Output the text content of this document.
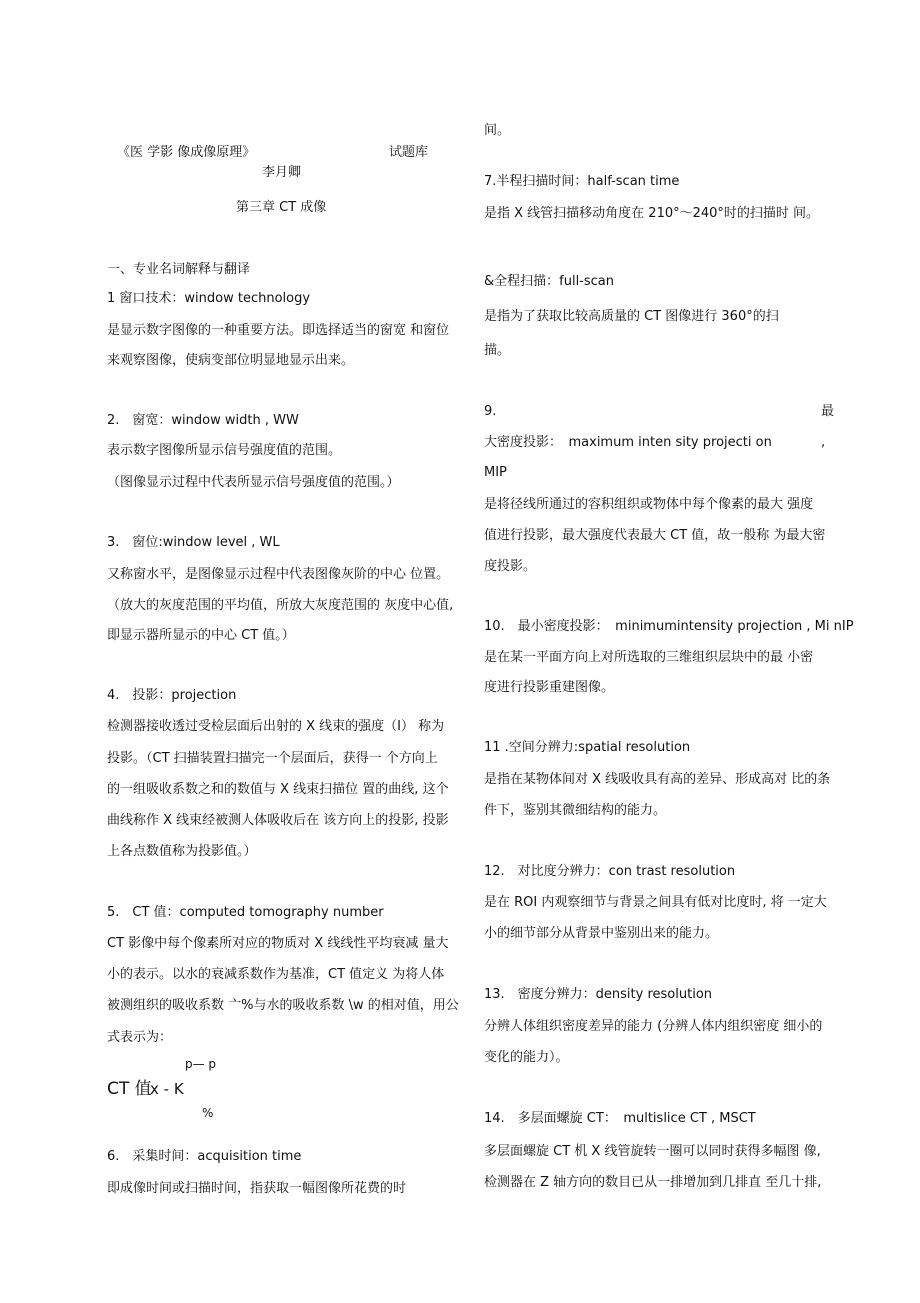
《医 学影 像成像原理》	试题库
李月卿
第三章 CT 成像
一、专业名词解释与翻译
1 窗口技术：window technology
是显示数字图像的一种重要方法。即选择适当的窗宽 和窗位
来观察图像，使病变部位明显地显示出来。
2.　窗宽：window width , WW
表示数字图像所显示信号强度值的范围。
（图像显示过程中代表所显示信号强度值的范围。）
3.　窗位:window level , WL
又称窗水平，是图像显示过程中代表图像灰阶的中心 位置。
（放大的灰度范围的平均值，所放大灰度范围的 灰度中心值,
即显示器所显示的中心 CT 值。）
4.　投影：projection
检测器接收透过受检层面后出射的 X 线束的强度（I） 称为
投影。（CT 扫描装置扫描完一个层面后，获得一 个方向上
的一组吸收系数之和的数值与 X 线束扫描位 置的曲线, 这个
曲线称作 X 线束经被测人体吸收后在 该方向上的投影, 投影
上各点数值称为投影值。）
5.　CT 值：computed tomography number
CT 影像中每个像素所对应的物质对 X 线线性平均衰减 量大
小的表示。以水的衰减系数作为基准，CT 值定义 为将人体
被测组织的吸收系数 亠%与水的吸收系数 \w 的相对值，用公
式表示为：
6.　采集时间：acquisition time
即成像时间或扫描时间，指获取一幅图像所花费的时
间。
7.半程扫描时间：half-scan time
是指 X 线管扫描移动角度在 210°〜240°时的扫描时 间。
&全程扫描：full-scan
是指为了获取比较高质量的 CT 图像进行 360°的扫
描。
9.
大密度投影：　maximum inten sity projecti on
MIP
是将径线所通过的容积组织或物体中每个像素的最大 强度
值进行投影，最大强度代表最大 CT 值，故一般称 为最大密
度投影。
10.　最小密度投影：　minimumintensity projection , Mi nIP
是在某一平面方向上对所选取的三维组织层块中的最 小密
度进行投影重建图像。
11 .空间分辨力:spatial resolution
是指在某物体间对 X 线吸收具有高的差异、形成高对 比的条
件下，鉴别其微细结构的能力。
12.　对比度分辨力：con trast resolution
是在 ROI 内观察细节与背景之间具有低对比度时, 将 一定大
小的细节部分从背景中鉴别出来的能力。
13.　密度分辨力：density resolution
分辨人体组织密度差异的能力 (分辨人体内组织密度 细小的
变化的能力）。
14.　多层面螺旋 CT：　multislice CT , MSCT
多层面螺旋 CT 机 X 线管旋转一圈可以同时获得多幅图 像,
检测器在 Z 轴方向的数目已从一排增加到几排直 至几十排,
p— p
CT 值
x - K
%
最
,
